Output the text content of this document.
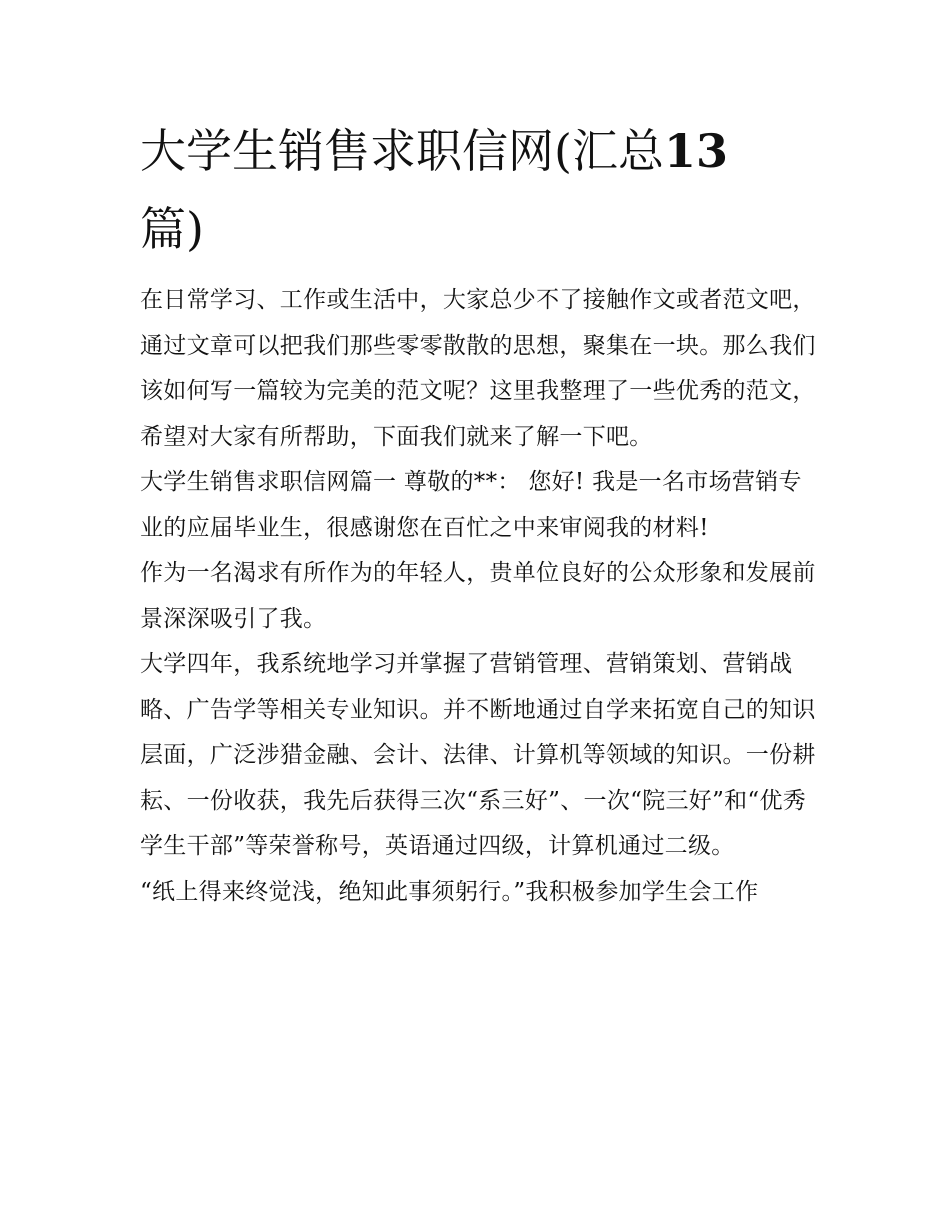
大学生销售求职信网(汇总13
篇)

在日常学习、工作或生活中，大家总少不了接触作文或者范文吧，通过文章可以把我们那些零零散散的思想，聚集在一块。那么我们该如何写一篇较为完美的范文呢？这里我整理了一些优秀的范文，希望对大家有所帮助，下面我们就来了解一下吧。

大学生销售求职信网篇一 尊敬的**： 您好! 我是一名市场营销专业的应届毕业生，很感谢您在百忙之中来审阅我的材料!

作为一名渴求有所作为的年轻人，贵单位良好的公众形象和发展前景深深吸引了我。

大学四年，我系统地学习并掌握了营销管理、营销策划、营销战略、广告学等相关专业知识。并不断地通过自学来拓宽自己的知识层面，广泛涉猎金融、会计、法律、计算机等领域的知识。一份耕耘、一份收获，我先后获得三次“系三好”、一次“院三好”和“优秀学生干部”等荣誉称号，英语通过四级，计算机通过二级。

“纸上得来终觉浅，绝知此事须躬行。”我积极参加学生会工作
